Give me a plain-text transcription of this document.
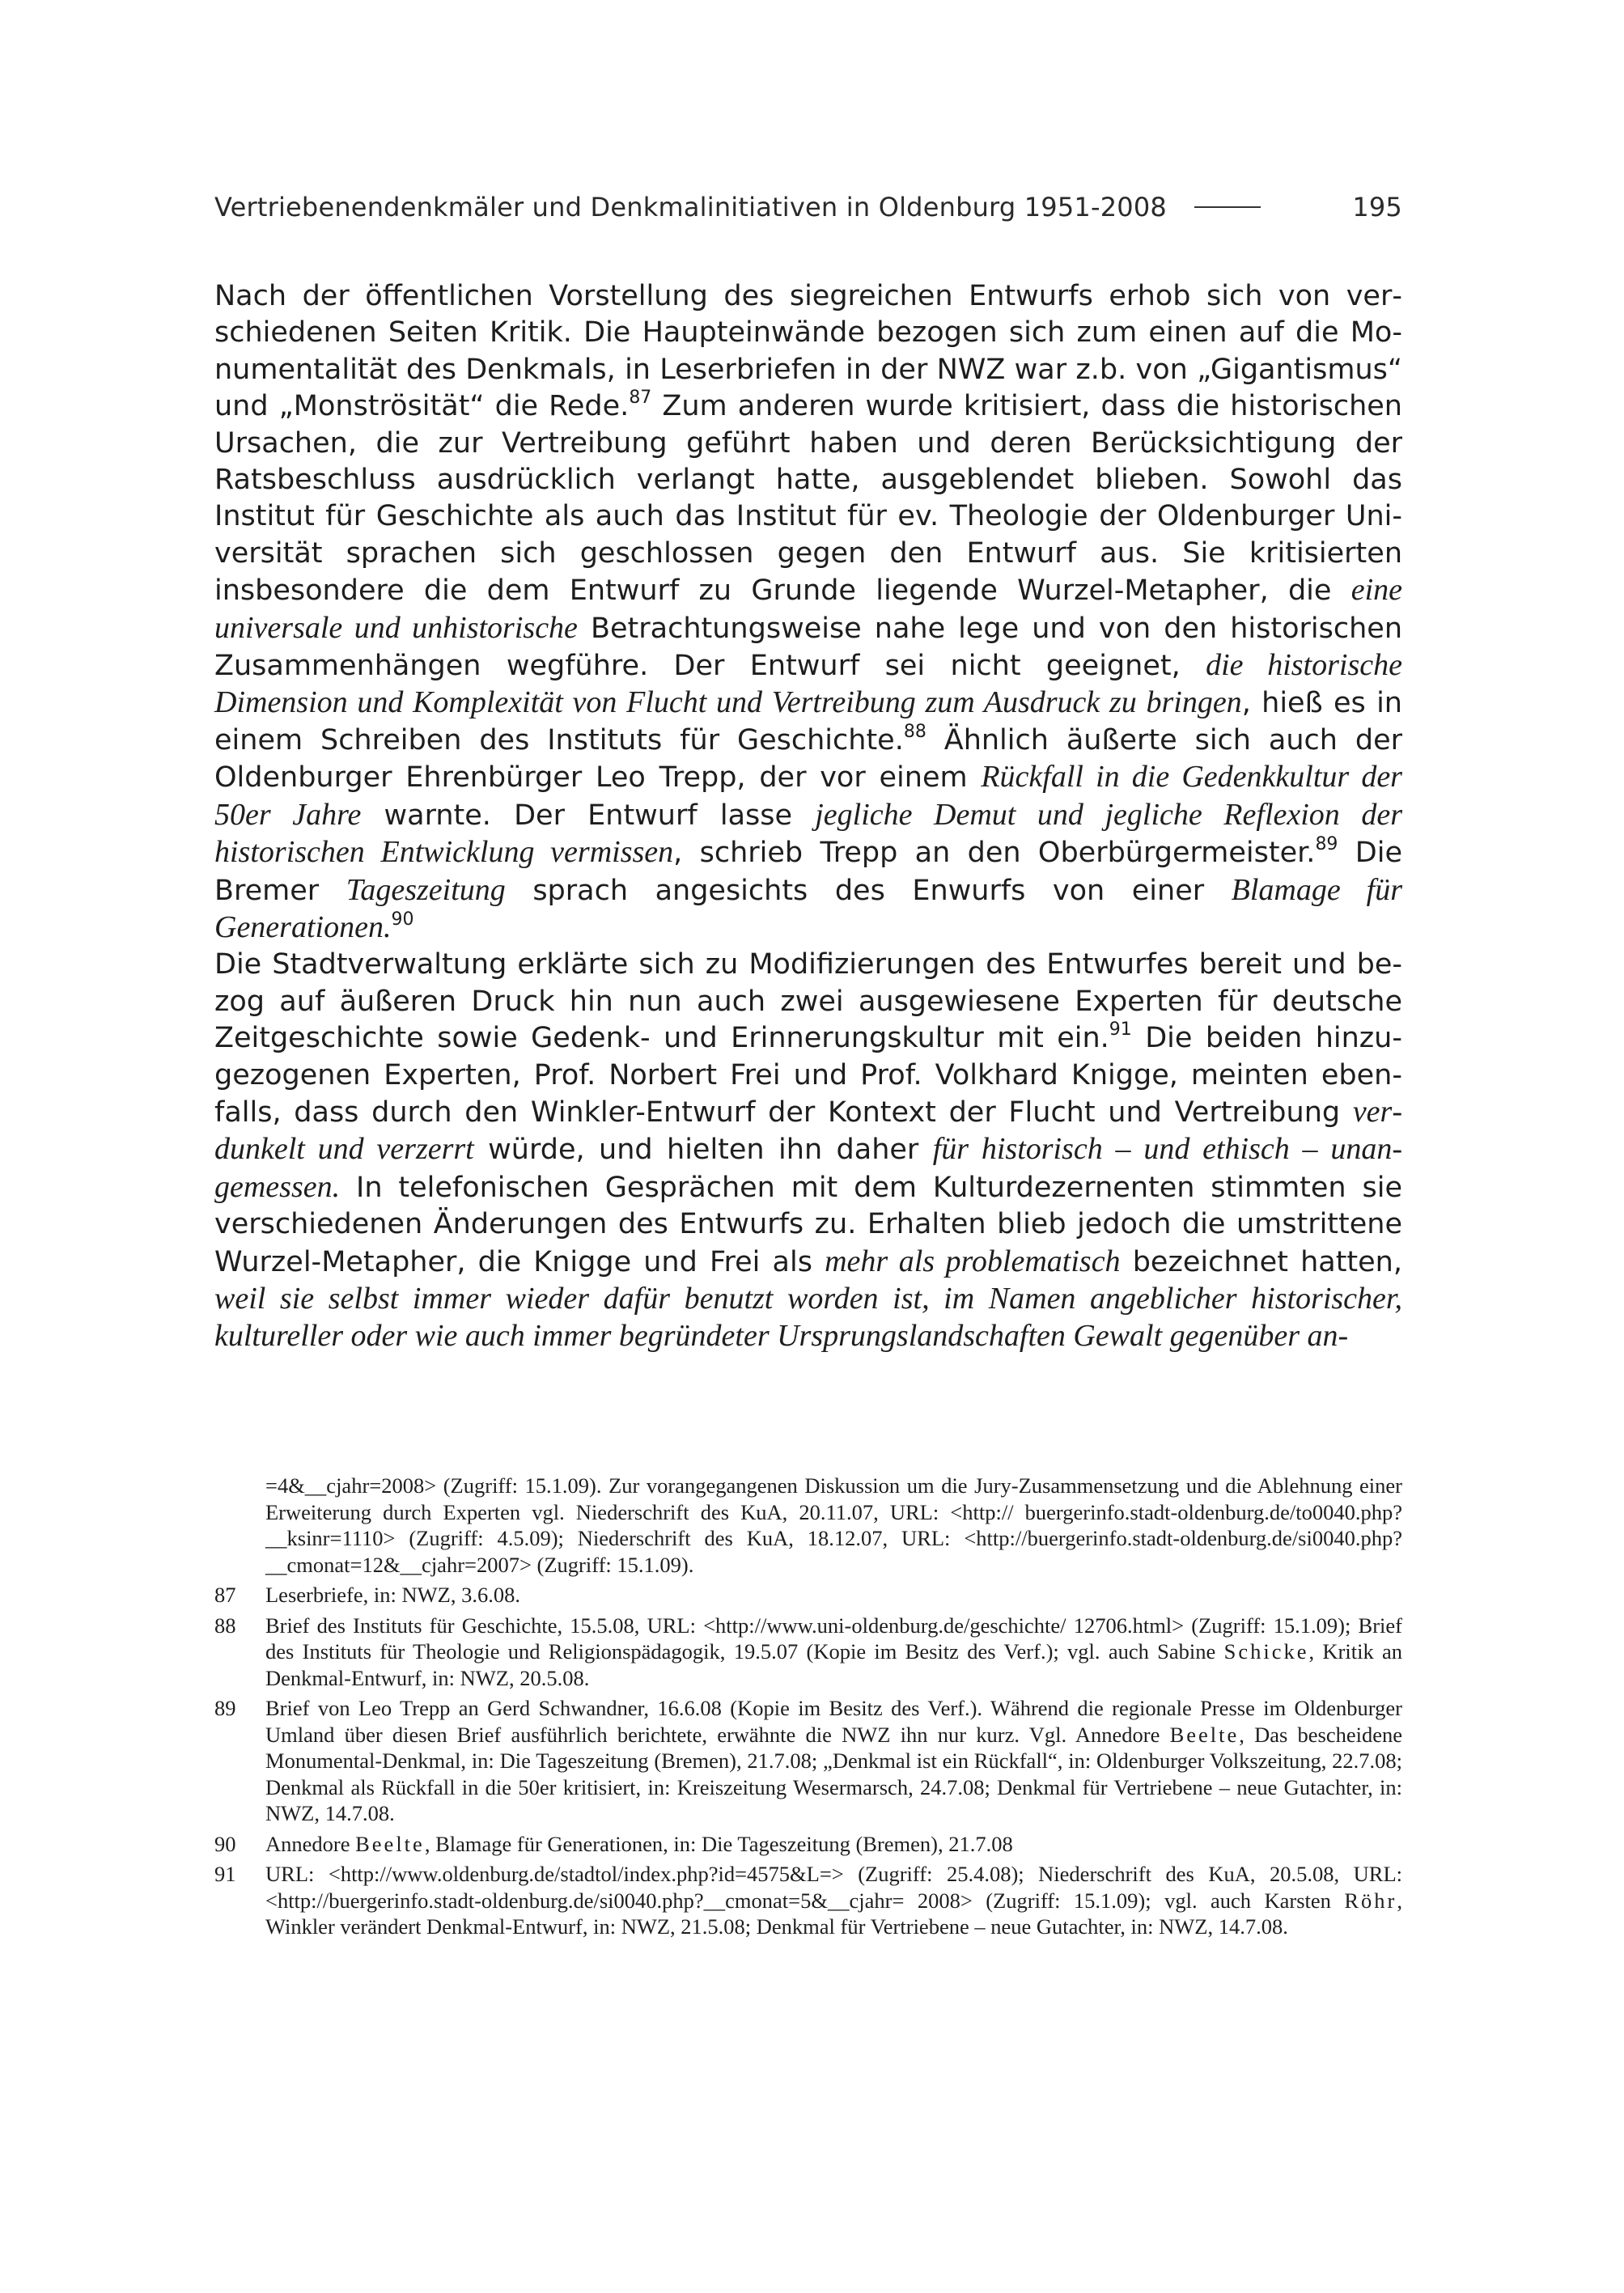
Vertriebenendenkmäler und Denkmalinitiativen in Oldenburg 1951-2008	195

Nach der öffentlichen Vorstellung des siegreichen Entwurfs erhob sich von verschiedenen Seiten Kritik. Die Haupteinwände bezogen sich zum einen auf die Monumentalität des Denkmals, in Leserbriefen in der NWZ war z.b. von „Gigantismus“ und „Monströsität“ die Rede.$^{87}$ Zum anderen wurde kritisiert, dass die historischen Ursachen, die zur Vertreibung geführt haben und deren Berücksichtigung der Ratsbeschluss ausdrücklich verlangt hatte, ausgeblendet blieben. Sowohl das Institut für Geschichte als auch das Institut für ev. Theologie der Oldenburger Universität sprachen sich geschlossen gegen den Entwurf aus. Sie kritisierten insbesondere die dem Entwurf zu Grunde liegende Wurzel-Metapher, die eine universale und unhistorische Betrachtungsweise nahe lege und von den historischen Zusammenhängen wegführe. Der Entwurf sei nicht geeignet, die historische Dimension und Komplexität von Flucht und Vertreibung zum Ausdruck zu bringen, hieß es in einem Schreiben des Instituts für Geschichte.$^{88}$ Ähnlich äußerte sich auch der Oldenburger Ehrenbürger Leo Trepp, der vor einem Rückfall in die Gedenkkultur der 50er Jahre warnte. Der Entwurf lasse jegliche Demut und jegliche Reflexion der historischen Entwicklung vermissen, schrieb Trepp an den Oberbürgermeister.$^{89}$ Die Bremer Tageszeitung sprach angesichts des Enwurfs von einer Blamage für Generationen.$^{90}$

Die Stadtverwaltung erklärte sich zu Modifizierungen des Entwurfes bereit und bezog auf äußeren Druck hin nun auch zwei ausgewiesene Experten für deutsche Zeitgeschichte sowie Gedenk- und Erinnerungskultur mit ein.$^{91}$ Die beiden hinzugezogenen Experten, Prof. Norbert Frei und Prof. Volkhard Knigge, meinten ebenfalls, dass durch den Winkler-Entwurf der Kontext der Flucht und Vertreibung verdunkelt und verzerrt würde, und hielten ihn daher für historisch – und ethisch – unangemessen. In telefonischen Gesprächen mit dem Kulturdezernenten stimmten sie verschiedenen Änderungen des Entwurfs zu. Erhalten blieb jedoch die umstrittene Wurzel-Metapher, die Knigge und Frei als mehr als problematisch bezeichnet hatten, weil sie selbst immer wieder dafür benutzt worden ist, im Namen angeblicher historischer, kultureller oder wie auch immer begründeter Ursprungslandschaften Gewalt gegenüber an-

=4&__cjahr=2008> (Zugriff: 15.1.09). Zur vorangegangenen Diskussion um die Jury-Zusammensetzung und die Ablehnung einer Erweiterung durch Experten vgl. Niederschrift des KuA, 20.11.07, URL: <http:// buergerinfo.stadt-oldenburg.de/to0040.php?__ksinr=1110> (Zugriff: 4.5.09); Niederschrift des KuA, 18.12.07, URL: <http://buergerinfo.stadt-oldenburg.de/si0040.php?__cmonat=12&__cjahr=2007> (Zugriff: 15.1.09).
87	Leserbriefe, in: NWZ, 3.6.08.
88	Brief des Instituts für Geschichte, 15.5.08, URL: <http://www.uni-oldenburg.de/geschichte/ 12706.html> (Zugriff: 15.1.09); Brief des Instituts für Theologie und Religionspädagogik, 19.5.07 (Kopie im Besitz des Verf.); vgl. auch Sabine Schicke, Kritik an Denkmal-Entwurf, in: NWZ, 20.5.08.
89	Brief von Leo Trepp an Gerd Schwandner, 16.6.08 (Kopie im Besitz des Verf.). Während die regionale Presse im Oldenburger Umland über diesen Brief ausführlich berichtete, erwähnte die NWZ ihn nur kurz. Vgl. Annedore Beelte, Das bescheidene Monumental-Denkmal, in: Die Tageszeitung (Bremen), 21.7.08; „Denkmal ist ein Rückfall“, in: Oldenburger Volkszeitung, 22.7.08; Denkmal als Rückfall in die 50er kritisiert, in: Kreiszeitung Wesermarsch, 24.7.08; Denkmal für Vertriebene – neue Gutachter, in: NWZ, 14.7.08.
90	Annedore Beelte, Blamage für Generationen, in: Die Tageszeitung (Bremen), 21.7.08
91	URL: <http://www.oldenburg.de/stadtol/index.php?id=4575&L=> (Zugriff: 25.4.08); Niederschrift des KuA, 20.5.08, URL: <http://buergerinfo.stadt-oldenburg.de/si0040.php?__cmonat=5&__cjahr= 2008> (Zugriff: 15.1.09); vgl. auch Karsten Röhr, Winkler verändert Denkmal-Entwurf, in: NWZ, 21.5.08; Denkmal für Vertriebene – neue Gutachter, in: NWZ, 14.7.08.
